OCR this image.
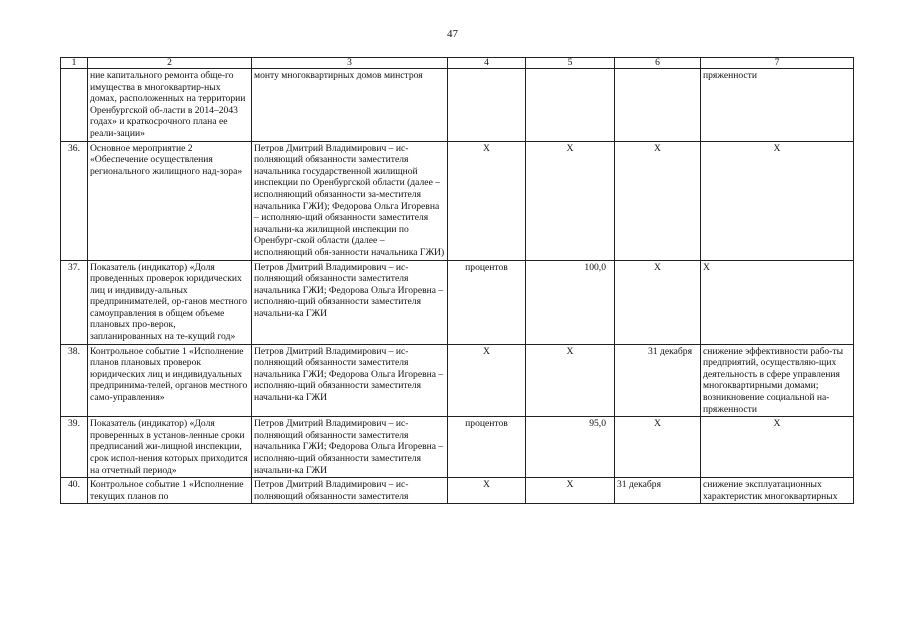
47
1	2	3	4	5	6	7
	ние капитального ремонта обще-го имущества в многоквартир-ных домах, расположенных на территории Оренбургской об-ласти в 2014–2043 годах» и краткосрочного плана ее реали-зации»	монту многоквартирных домов минстроя				пряженности
36.	Основное мероприятие 2 «Обеспечение осуществления регионального жилищного над-зора»	Петров Дмитрий Владимирович – ис-полняющий обязанности заместителя начальника государственной жилищной инспекции по Оренбургской области (далее – исполняющий обязанности за-местителя начальника ГЖИ); Федорова Ольга Игоревна – исполняю-щий обязанности заместителя начальни-ка жилищной инспекции по Оренбург-ской области (далее – исполняющий обя-занности начальника ГЖИ)	Х	Х	Х	Х
37.	Показатель (индикатор) «Доля проведенных проверок юридических лиц и индивиду-альных предпринимателей, ор-ганов местного самоуправления в общем объеме плановых про-верок, запланированных на те-кущий год»	Петров Дмитрий Владимирович – ис-полняющий обязанности заместителя начальника ГЖИ; Федорова Ольга Игоревна – исполняю-щий обязанности заместителя начальни-ка ГЖИ	процентов	100,0	Х	Х
38.	Контрольное событие 1 «Исполнение планов плановых проверок юридических лиц и индивидуальных предпринима-телей, органов местного само-управления»	Петров Дмитрий Владимирович – ис-полняющий обязанности заместителя начальника ГЖИ; Федорова Ольга Игоревна – исполняю-щий обязанности заместителя начальни-ка ГЖИ	Х	Х	31 декабря	снижение эффективности рабо-ты предприятий, осуществляю-щих деятельность в сфере управления многоквартирными домами; возникновение социальной на-пряженности
39.	Показатель (индикатор) «Доля проверенных в установ-ленные сроки предписаний жи-лищной инспекции, срок испол-нения которых приходится на отчетный период»	Петров Дмитрий Владимирович – ис-полняющий обязанности заместителя начальника ГЖИ; Федорова Ольга Игоревна – исполняю-щий обязанности заместителя начальни-ка ГЖИ	процентов	95,0	Х	Х
40.	Контрольное событие 1 «Исполнение текущих планов по	Петров Дмитрий Владимирович – ис-полняющий обязанности заместителя	Х	Х	31 декабря	снижение эксплуатационных характеристик многоквартирных
